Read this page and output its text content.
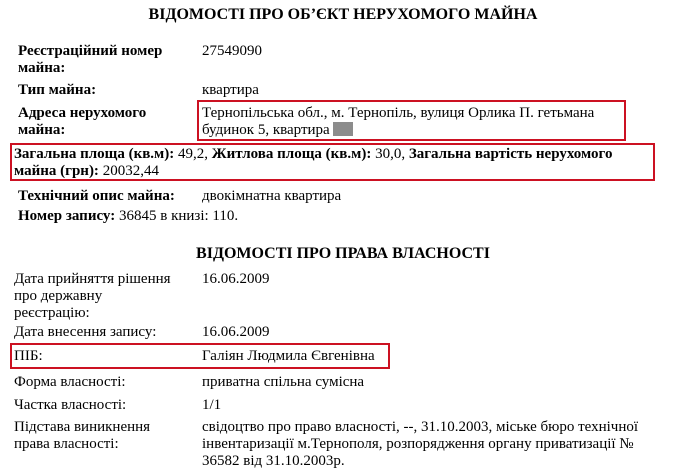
ВІДОМОСТІ ПРО ОБ’ЄКТ НЕРУХОМОГО МАЙНА
Реєстраційний номер
майна:
27549090
Тип майна:	квартира
Адреса нерухомого
майна:
Тернопільська обл., м. Тернопіль, вулиця Орлика П. гетьмана
будинок 5, квартира
Загальна площа (кв.м): 49,2, Житлова площа (кв.м): 30,0, Загальна вартість нерухомого
майна (грн): 20032,44
Технічний опис майна: двокімнатна квартира
Номер запису: 36845 в книзі: 110.
ВІДОМОСТІ ПРО ПРАВА ВЛАСНОСТІ
Дата прийняття рішення
про державну
реєстрацію:
16.06.2009
Дата внесення запису:	16.06.2009
ПІБ:	Галіян Людмила Євгенівна
Форма власності:	приватна спільна сумісна
Частка власності:	1/1
Підстава виникнення
права власності:
свідоцтво про право власності, --, 31.10.2003, міське бюро технічної
інвентаризації м.Тернополя, розпорядження органу приватизації №
36582 від 31.10.2003р.
